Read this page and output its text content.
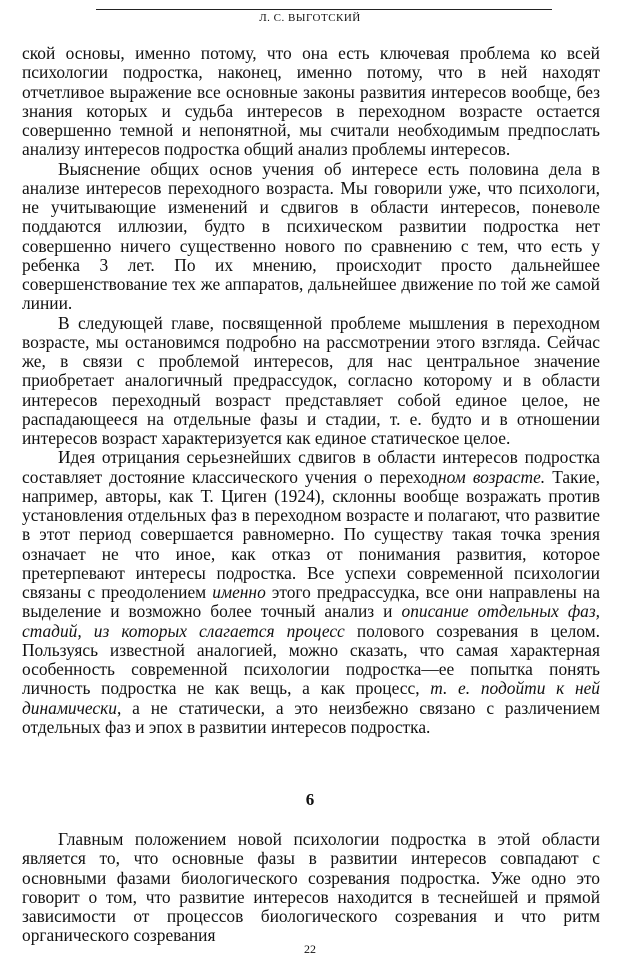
Л. С. ВЫГОТСКИЙ

ской основы, именно потому, что она есть ключевая проблема ко всей психологии подростка, наконец, именно потому, что в ней находят отчетливое выражение все основные законы развития интересов вообще, без знания которых и судьба интересов в переходном возрасте остается совершенно темной и непонятной, мы считали необходимым предпослать анализу интересов подростка общий анализ проблемы интересов.

Выяснение общих основ учения об интересе есть половина дела в анализе интересов переходного возраста. Мы говорили уже, что психологи, не учитывающие изменений и сдвигов в области интересов, поневоле поддаются иллюзии, будто в психическом развитии подростка нет совершенно ничего существенно нового по сравнению с тем, что есть у ребенка 3 лет. По их мнению, происходит просто дальнейшее совершенствование тех же аппаратов, дальнейшее движение по той же самой линии.

В следующей главе, посвященной проблеме мышления в переходном возрасте, мы остановимся подробно на рассмотрении этого взгляда. Сейчас же, в связи с проблемой интересов, для нас центральное значение приобретает аналогичный предрассудок, согласно которому и в области интересов переходный возраст представляет собой единое целое, не распадающееся на отдельные фазы и стадии, т. е. будто и в отношении интересов возраст характеризуется как единое статическое целое.

Идея отрицания серьезнейших сдвигов в области интересов подростка составляет достояние классического учения о переходном возрасте. Такие, например, авторы, как Т. Циген (1924), склонны вообще возражать против установления отдельных фаз в переходном возрасте и полагают, что развитие в этот период совершается равномерно. По существу такая точка зрения означает не что иное, как отказ от понимания развития, которое претерпевают интересы подростка. Все успехи современной психологии связаны с преодолением именно этого предрассудка, все они направлены на выделение и возможно более точный анализ и описание отдельных фаз, стадий, из которых слагается процесс полового созревания в целом. Пользуясь известной аналогией, можно сказать, что самая характерная особенность современной психологии подростка—ее попытка понять личность подростка не как вещь, а как процесс, т. е. подойти к ней динамически, а не статически, а это неизбежно связано с различением отдельных фаз и эпох в развитии интересов подростка.

6

Главным положением новой психологии подростка в этой области является то, что основные фазы в развитии интересов совпадают с основными фазами биологического созревания подростка. Уже одно это говорит о том, что развитие интересов находится в теснейшей и прямой зависимости от процессов биологического созревания и что ритм органического созревания

22
